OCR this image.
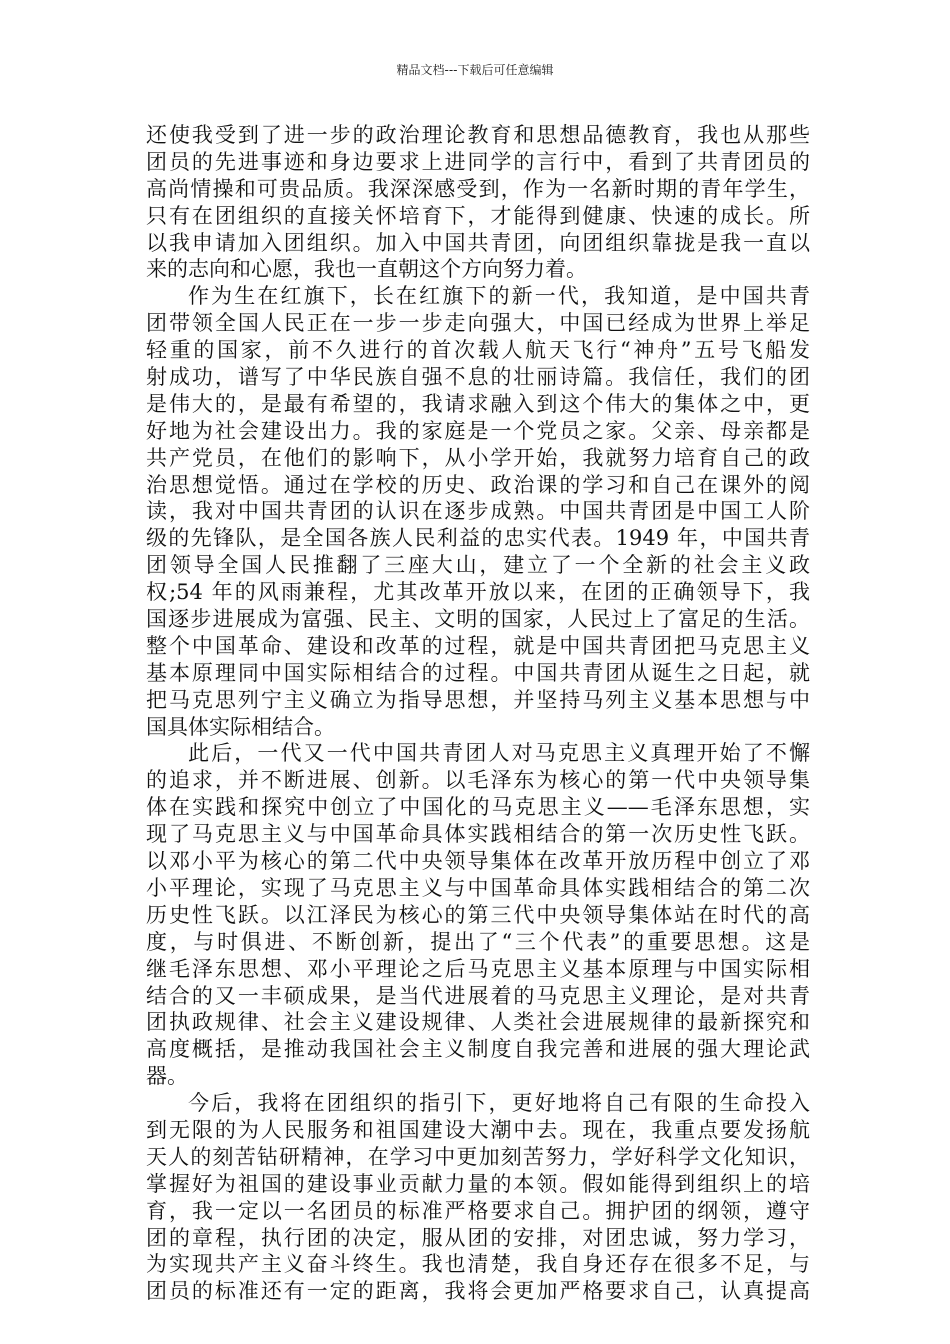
精品文档---下载后可任意编辑
还使我受到了进一步的政治理论教育和思想品德教育，我也从那些
团员的先进事迹和身边要求上进同学的言行中，看到了共青团员的
高尚情操和可贵品质。我深深感受到，作为一名新时期的青年学生，
只有在团组织的直接关怀培育下，才能得到健康、快速的成长。所
以我申请加入团组织。加入中国共青团，向团组织靠拢是我一直以
来的志向和心愿，我也一直朝这个方向努力着。
作为生在红旗下，长在红旗下的新一代，我知道，是中国共青
团带领全国人民正在一步一步走向强大，中国已经成为世界上举足
轻重的国家，前不久进行的首次载人航天飞行“神舟”五号飞船发
射成功，谱写了中华民族自强不息的壮丽诗篇。我信任，我们的团
是伟大的，是最有希望的，我请求融入到这个伟大的集体之中，更
好地为社会建设出力。我的家庭是一个党员之家。父亲、母亲都是
共产党员，在他们的影响下，从小学开始，我就努力培育自己的政
治思想觉悟。通过在学校的历史、政治课的学习和自己在课外的阅
读，我对中国共青团的认识在逐步成熟。中国共青团是中国工人阶
级的先锋队，是全国各族人民利益的忠实代表。1949 年，中国共青
团领导全国人民推翻了三座大山，建立了一个全新的社会主义政
权;54 年的风雨兼程，尤其改革开放以来，在团的正确领导下，我
国逐步进展成为富强、民主、文明的国家，人民过上了富足的生活。
整个中国革命、建设和改革的过程，就是中国共青团把马克思主义
基本原理同中国实际相结合的过程。中国共青团从诞生之日起，就
把马克思列宁主义确立为指导思想，并坚持马列主义基本思想与中
国具体实际相结合。
此后，一代又一代中国共青团人对马克思主义真理开始了不懈
的追求，并不断进展、创新。以毛泽东为核心的第一代中央领导集
体在实践和探究中创立了中国化的马克思主义——毛泽东思想，实
现了马克思主义与中国革命具体实践相结合的第一次历史性飞跃。
以邓小平为核心的第二代中央领导集体在改革开放历程中创立了邓
小平理论，实现了马克思主义与中国革命具体实践相结合的第二次
历史性飞跃。以江泽民为核心的第三代中央领导集体站在时代的高
度，与时俱进、不断创新，提出了“三个代表”的重要思想。这是
继毛泽东思想、邓小平理论之后马克思主义基本原理与中国实际相
结合的又一丰硕成果，是当代进展着的马克思主义理论，是对共青
团执政规律、社会主义建设规律、人类社会进展规律的最新探究和
高度概括，是推动我国社会主义制度自我完善和进展的强大理论武
器。
今后，我将在团组织的指引下，更好地将自己有限的生命投入
到无限的为人民服务和祖国建设大潮中去。现在，我重点要发扬航
天人的刻苦钻研精神，在学习中更加刻苦努力，学好科学文化知识，
掌握好为祖国的建设事业贡献力量的本领。假如能得到组织上的培
育，我一定以一名团员的标准严格要求自己。拥护团的纲领，遵守
团的章程，执行团的决定，服从团的安排，对团忠诚，努力学习，
为实现共产主义奋斗终生。我也清楚，我自身还存在很多不足，与
团员的标准还有一定的距离，我将会更加严格要求自己，认真提高
